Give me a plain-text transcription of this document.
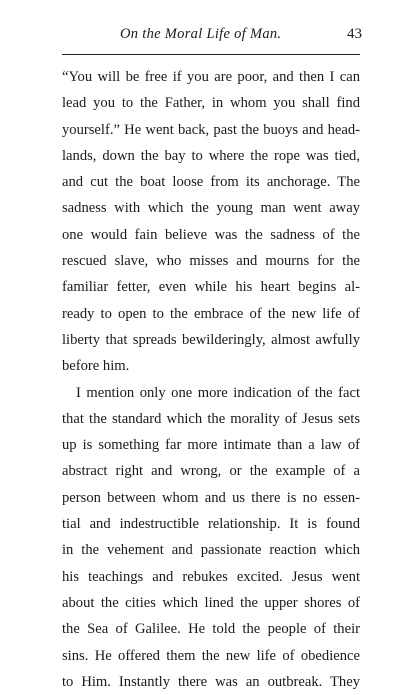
On the Moral Life of Man.	43
“You will be free if you are poor, and then I can
lead you to the Father, in whom you shall find
yourself.” He went back, past the buoys and head-
lands, down the bay to where the rope was tied,
and cut the boat loose from its anchorage. The
sadness with which the young man went away
one would fain believe was the sadness of the
rescued slave, who misses and mourns for the
familiar fetter, even while his heart begins al-
ready to open to the embrace of the new life of
liberty that spreads bewilderingly, almost awfully
before him.
I mention only one more indication of the fact
that the standard which the morality of Jesus sets
up is something far more intimate than a law of
abstract right and wrong, or the example of a
person between whom and us there is no essen-
tial and indestructible relationship. It is found
in the vehement and passionate reaction which
his teachings and rebukes excited. Jesus went
about the cities which lined the upper shores of
the Sea of Galilee. He told the people of their
sins. He offered them the new life of obedience
to Him. Instantly there was an outbreak. They
